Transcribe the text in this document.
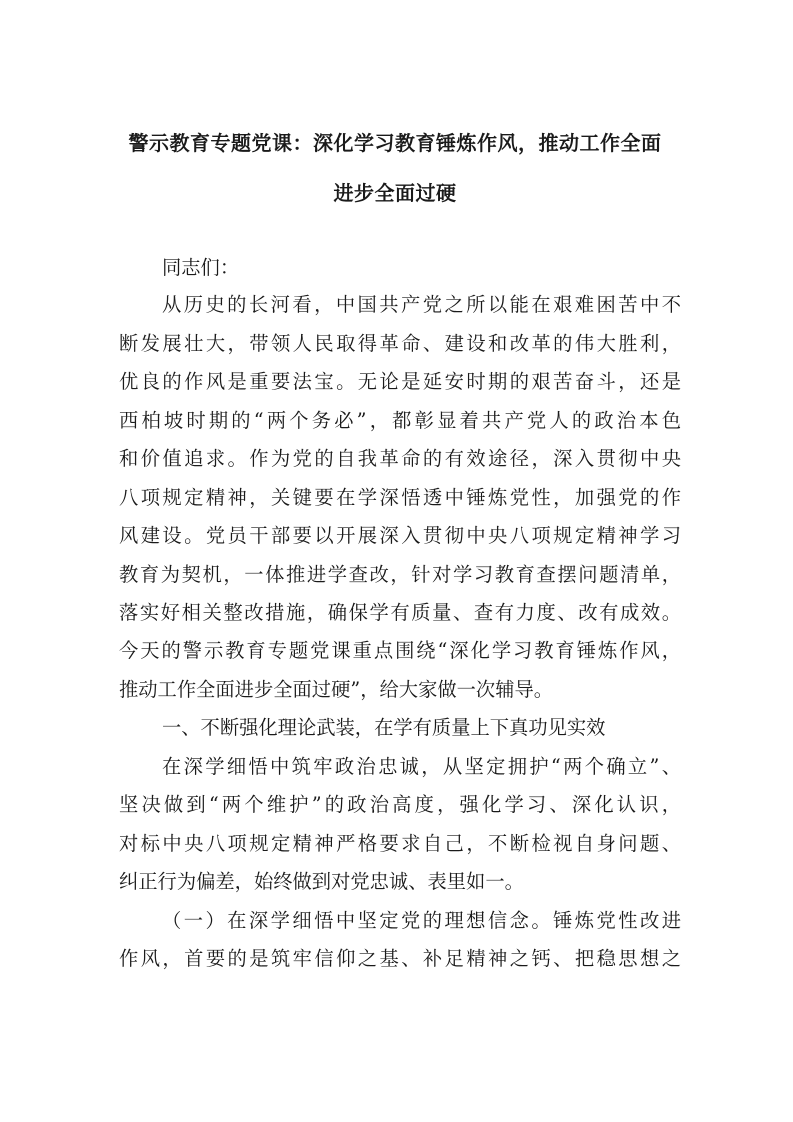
警示教育专题党课：深化学习教育锤炼作风，推动工作全面
进步全面过硬
同志们：
从历史的长河看，中国共产党之所以能在艰难困苦中不
断发展壮大，带领人民取得革命、建设和改革的伟大胜利，
优良的作风是重要法宝。无论是延安时期的艰苦奋斗，还是
西柏坡时期的“两个务必”，都彰显着共产党人的政治本色
和价值追求。作为党的自我革命的有效途径，深入贯彻中央
八项规定精神，关键要在学深悟透中锤炼党性，加强党的作
风建设。党员干部要以开展深入贯彻中央八项规定精神学习
教育为契机，一体推进学查改，针对学习教育查摆问题清单，
落实好相关整改措施，确保学有质量、查有力度、改有成效。
今天的警示教育专题党课重点围绕“深化学习教育锤炼作风，
推动工作全面进步全面过硬”，给大家做一次辅导。
一、不断强化理论武装，在学有质量上下真功见实效
在深学细悟中筑牢政治忠诚，从坚定拥护“两个确立”、
坚决做到“两个维护”的政治高度，强化学习、深化认识，
对标中央八项规定精神严格要求自己，不断检视自身问题、
纠正行为偏差，始终做到对党忠诚、表里如一。
（一）在深学细悟中坚定党的理想信念。锤炼党性改进
作风，首要的是筑牢信仰之基、补足精神之钙、把稳思想之
